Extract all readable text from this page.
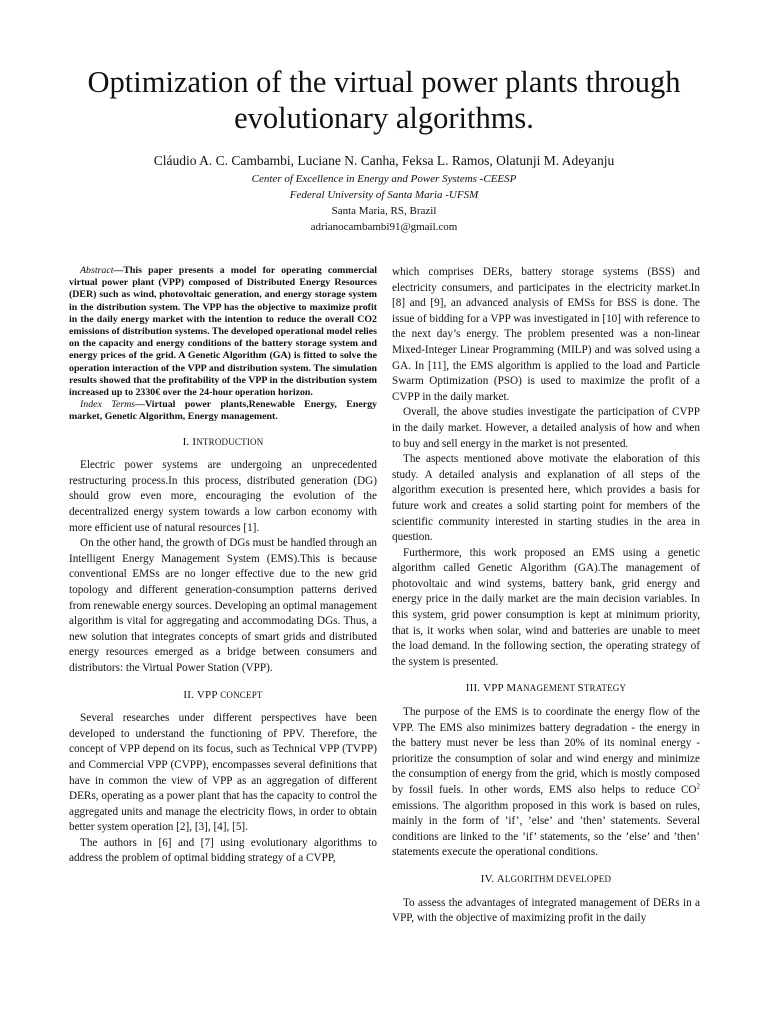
Optimization of the virtual power plants through evolutionary algorithms.
Cláudio A. C. Cambambi, Luciane N. Canha, Feksa L. Ramos, Olatunji M. Adeyanju
Center of Excellence in Energy and Power Systems -CEESP
Federal University of Santa Maria -UFSM
Santa Maria, RS, Brazil
adrianocambambi91@gmail.com

Abstract—This paper presents a model for operating commercial virtual power plant (VPP) composed of Distributed Energy Resources (DER) such as wind, photovoltaic generation, and energy storage system in the distribution system. The VPP has the objective to maximize profit in the daily energy market with the intention to reduce the overall CO2 emissions of distribution systems. The developed operational model relies on the capacity and energy conditions of the battery storage system and energy prices of the grid. A Genetic Algorithm (GA) is fitted to solve the operation interaction of the VPP and distribution system. The simulation results showed that the profitability of the VPP in the distribution system increased up to 2330€ over the 24-hour operation horizon.

Index Terms—Virtual power plants,Renewable Energy, Energy market, Genetic Algorithm, Energy management.

I. INTRODUCTION

Electric power systems are undergoing an unprecedented restructuring process.In this process, distributed generation (DG) should grow even more, encouraging the evolution of the decentralized energy system towards a low carbon economy with more efficient use of natural resources [1].

On the other hand, the growth of DGs must be handled through an Intelligent Energy Management System (EMS).This is because conventional EMSs are no longer effective due to the new grid topology and different generation-consumption patterns derived from renewable energy sources. Developing an optimal management algorithm is vital for aggregating and accommodating DGs. Thus, a new solution that integrates concepts of smart grids and distributed energy resources emerged as a bridge between consumers and distributors: the Virtual Power Station (VPP).

II. VPP CONCEPT

Several researches under different perspectives have been developed to understand the functioning of PPV. Therefore, the concept of VPP depend on its focus, such as Technical VPP (TVPP) and Commercial VPP (CVPP), encompasses several definitions that have in common the view of VPP as an aggregation of different DERs, operating as a power plant that has the capacity to control the aggregated units and manage the electricity flows, in order to obtain better system operation [2], [3], [4], [5].

The authors in [6] and [7] using evolutionary algorithms to address the problem of optimal bidding strategy of a CVPP,

which comprises DERs, battery storage systems (BSS) and electricity consumers, and participates in the electricity market.In [8] and [9], an advanced analysis of EMSs for BSS is done. The issue of bidding for a VPP was investigated in [10] with reference to the next day’s energy. The problem presented was a non-linear Mixed-Integer Linear Programming (MILP) and was solved using a GA. In [11], the EMS algorithm is applied to the load and Particle Swarm Optimization (PSO) is used to maximize the profit of a CVPP in the daily market.

Overall, the above studies investigate the participation of CVPP in the daily market. However, a detailed analysis of how and when to buy and sell energy in the market is not presented.

The aspects mentioned above motivate the elaboration of this study. A detailed analysis and explanation of all steps of the algorithm execution is presented here, which provides a basis for future work and creates a solid starting point for members of the scientific community interested in starting studies in the area in question.

Furthermore, this work proposed an EMS using a genetic algorithm called Genetic Algorithm (GA).The management of photovoltaic and wind systems, battery bank, grid energy and energy price in the daily market are the main decision variables. In this system, grid power consumption is kept at minimum priority, that is, it works when solar, wind and batteries are unable to meet the load demand. In the following section, the operating strategy of the system is presented.

III. VPP MANAGEMENT STRATEGY

The purpose of the EMS is to coordinate the energy flow of the VPP. The EMS also minimizes battery degradation - the energy in the battery must never be less than 20% of its nominal energy - prioritize the consumption of solar and wind energy and minimize the consumption of energy from the grid, which is mostly composed by fossil fuels. In other words, EMS also helps to reduce $CO^2$ emissions. The algorithm proposed in this work is based on rules, mainly in the form of ’if’, ’else’ and ’then’ statements. Several conditions are linked to the ’if’ statements, so the ’else’ and ’then’ statements execute the operational conditions.

IV. ALGORITHM DEVELOPED

To assess the advantages of integrated management of DERs in a VPP, with the objective of maximizing profit in the daily
